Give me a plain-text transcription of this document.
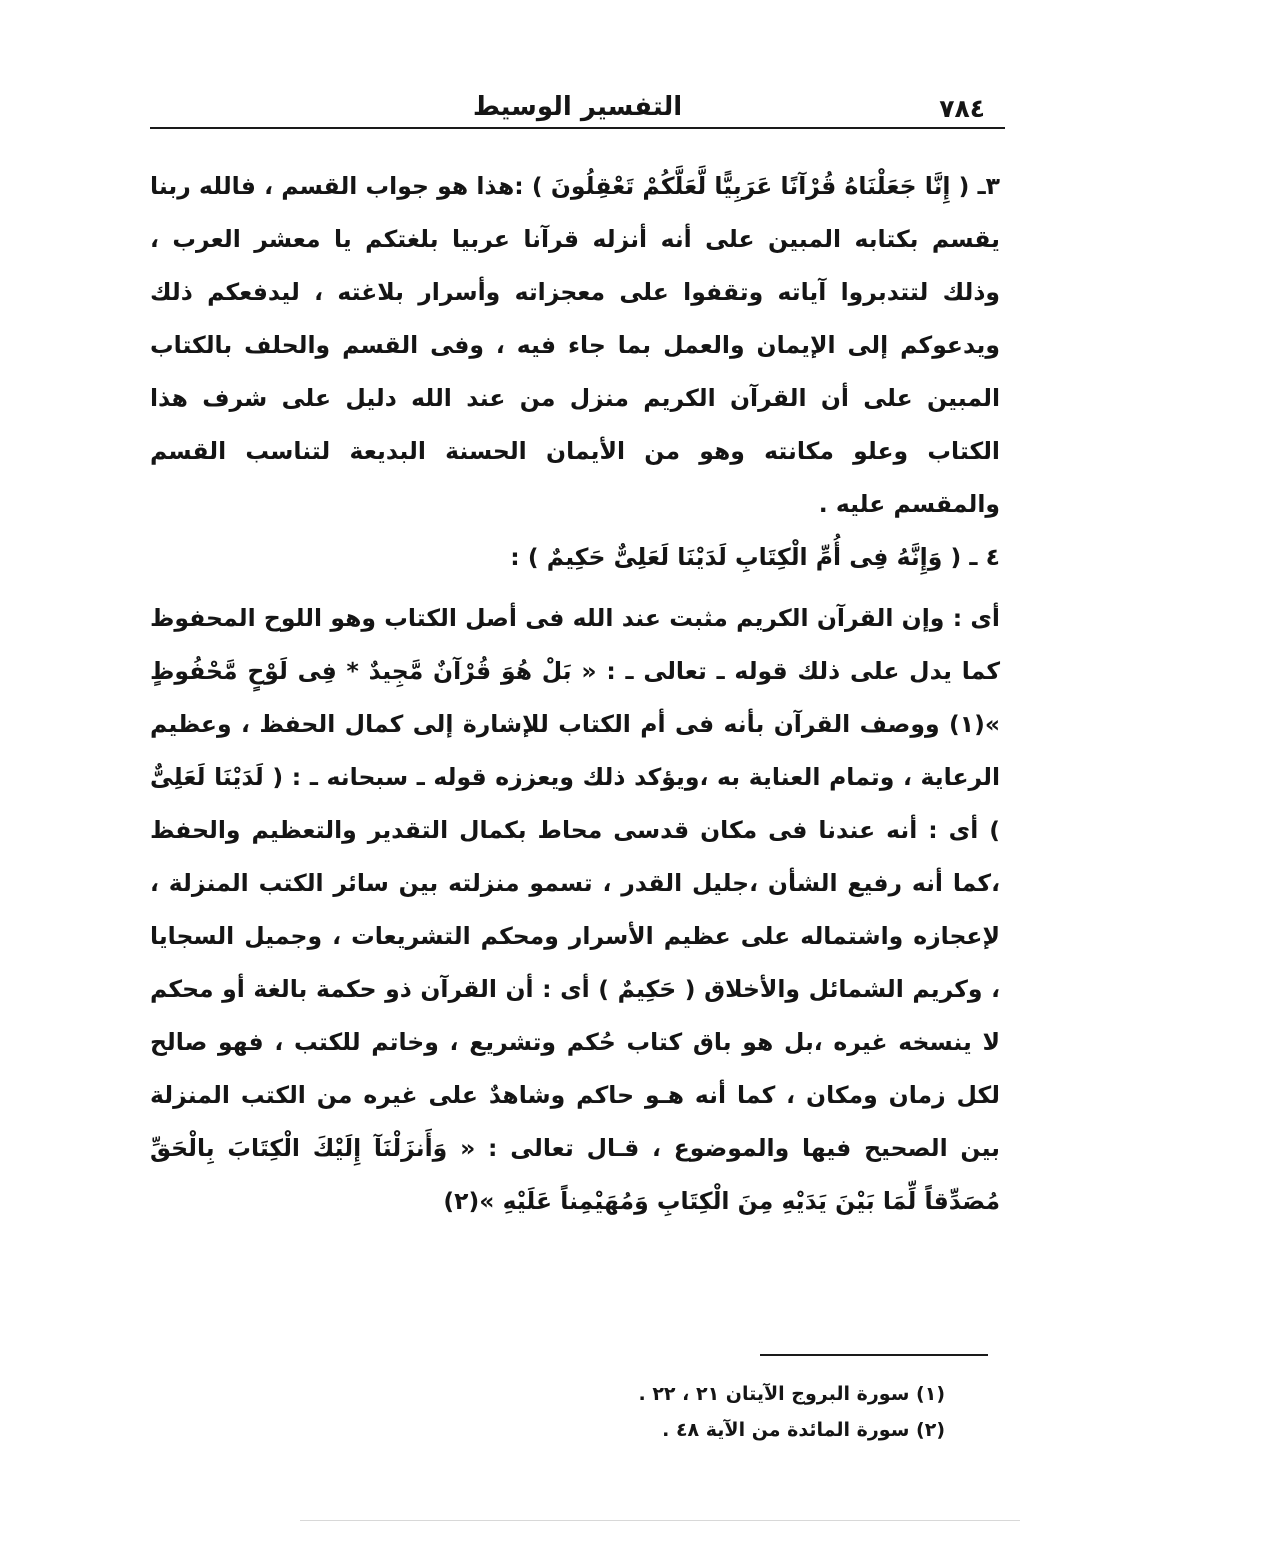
التفسير الوسيط	٧٨٤

٣ـ ( إِنَّا جَعَلْنَاهُ قُرْآنًا عَرَبِيًّا لَّعَلَّكُمْ تَعْقِلُونَ ) :هذا هو جواب القسم ، فالله ربنا يقسم بكتابه المبين على أنه أنزله قرآنا عربيا بلغتكم يا معشر العرب ، وذلك لتتدبروا آياته وتقفوا على معجزاته وأسرار بلاغته ، ليدفعكم ذلك ويدعوكم إلى الإيمان والعمل بما جاء فيه ، وفى القسم والحلف بالكتاب المبين على أن القرآن الكريم منزل من عند الله دليل على شرف هذا الكتاب وعلو مكانته وهو من الأيمان الحسنة البديعة لتناسب القسم والمقسم عليه .

٤ ـ ( وَإِنَّهُ فِى أُمِّ الْكِتَابِ لَدَيْنَا لَعَلِىٌّ حَكِيمٌ ) :

أى : وإن القرآن الكريم مثبت عند الله فى أصل الكتاب وهو اللوح المحفوظ كما يدل على ذلك قوله ـ تعالى ـ : « بَلْ هُوَ قُرْآنٌ مَّجِيدٌ * فِى لَوْحٍ مَّحْفُوظٍ »(١) ووصف القرآن بأنه فى أم الكتاب للإشارة إلى كمال الحفظ ، وعظيم الرعاية ، وتمام العناية به ،ويؤكد ذلك ويعززه قوله ـ سبحانه ـ : ( لَدَيْنَا لَعَلِىٌّ ) أى : أنه عندنا فى مكان قدسى محاط بكمال التقدير والتعظيم والحفظ ،كما أنه رفيع الشأن ،جليل القدر ، تسمو منزلته بين سائر الكتب المنزلة ، لإعجازه واشتماله على عظيم الأسرار ومحكم التشريعات ، وجميل السجايا ، وكريم الشمائل والأخلاق ( حَكِيمٌ ) أى : أن القرآن ذو حكمة بالغة أو محكم لا ينسخه غيره ،بل هو باق كتاب حُكم وتشريع ، وخاتم للكتب ، فهو صالح لكل زمان ومكان ، كما أنه هـو حاكم وشاهدٌ على غيره من الكتب المنزلة بين الصحيح فيها والموضوع ، قـال تعالى : « وَأَنزَلْنَآ إِلَيْكَ الْكِتَابَ بِالْحَقِّ مُصَدِّقاً لِّمَا بَيْنَ يَدَيْهِ مِنَ الْكِتَابِ وَمُهَيْمِناً عَلَيْهِ »(٢)

(١) سورة البروج الآيتان ٢١ ، ٢٢ .
(٢) سورة المائدة من الآية ٤٨ .
